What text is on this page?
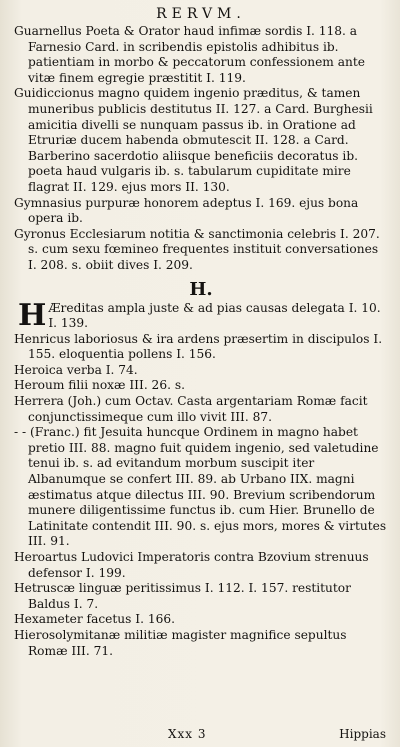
RERVM.

Guarnellus Poeta & Orator haud infimæ sordis I. 118. a Farnesio Card. in scribendis epistolis adhibitus ib. patientiam in morbo & peccatorum confessionem ante vitæ finem egregie præstitit I. 119.

Guidiccionus magno quidem ingenio præditus, & tamen muneribus publicis destitutus II. 127. a Card. Burghesii amicitia divelli se nunquam passus ib. in Oratione ad Etruriæ ducem habenda obmutescit II. 128. a Card. Barberino sacerdotio aliisque beneficiis decoratus ib. poeta haud vulgaris ib. s. tabularum cupiditate mire flagrat II. 129. ejus mors II. 130.

Gymnasius purpuræ honorem adeptus I. 169. ejus bona opera ib.

Gyronus Ecclesiarum notitia & sanctimonia celebris I. 207. s. cum sexu fœmineo frequentes instituit conversationes I. 208. s. obiit dives I. 209.

H.

H Æreditas ampla juste & ad pias causas delegata I. 10. I. 139.

Henricus laboriosus & ira ardens præsertim in discipulos I. 155. eloquentia pollens I. 156.

Heroica verba I. 74.

Heroum filii noxæ III. 26. s.

Herrera (Joh.) cum Octav. Casta argentariam Romæ facit conjunctissimeque cum illo vivit III. 87.

- - (Franc.) fit Jesuita huncque Ordinem in magno habet pretio III. 88. magno fuit quidem ingenio, sed valetudine tenui ib. s. ad evitandum morbum suscipit iter Albanumque se confert III. 89. ab Urbano IIX. magni æstimatus atque dilectus III. 90. Brevium scribendorum munere diligentissime functus ib. cum Hier. Brunello de Latinitate contendit III. 90. s. ejus mors, mores & virtutes III. 91.

Heroartus Ludovici Imperatoris contra Bzovium strenuus defensor I. 199.

Hetruscæ linguæ peritissimus I. 112. I. 157. restitutor Baldus I. 7.

Hexameter facetus I. 166.

Hierosolymitanæ militiæ magister magnifice sepultus Romæ III. 71.

Xxx 3	Hippias
